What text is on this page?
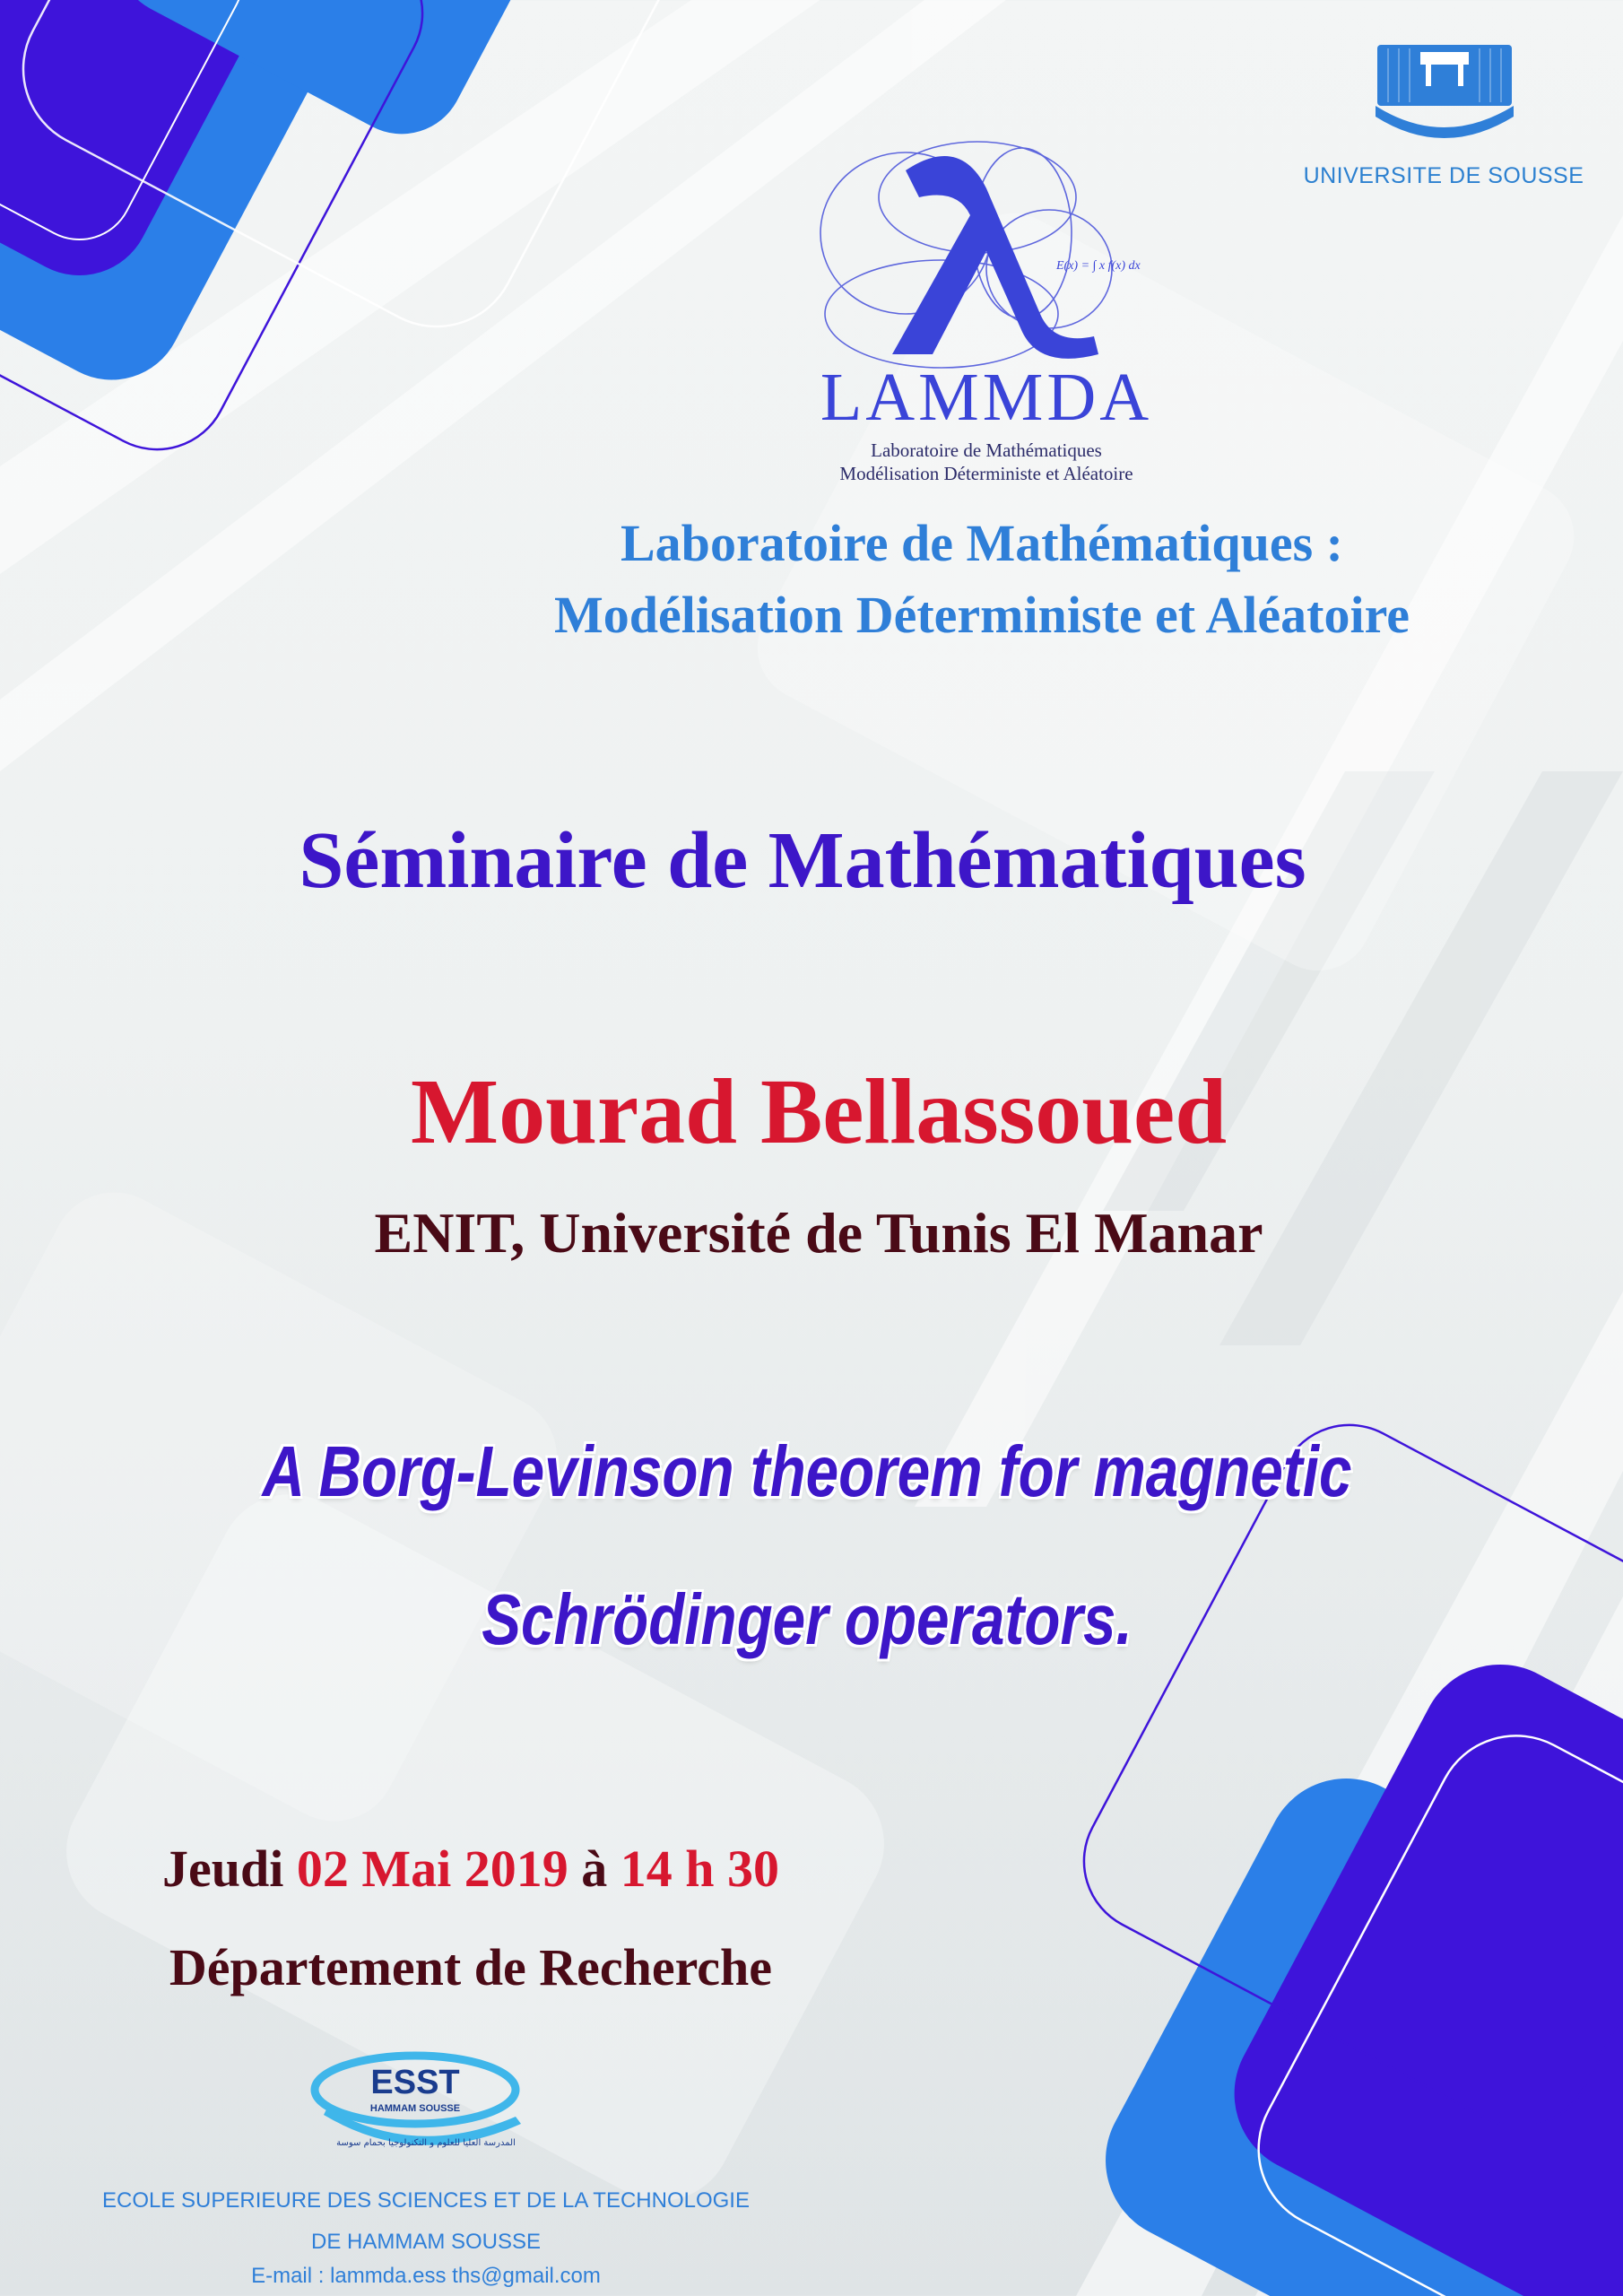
UNIVERSITE DE SOUSSE
E(x) = ∫ x f(x) dx
LAMMDA
Laboratoire de Mathématiques
Modélisation Déterministe et Aléatoire
Laboratoire de Mathématiques :
Modélisation Déterministe et Aléatoire
Séminaire de Mathématiques
Mourad Bellassoued
ENIT, Université de Tunis El Manar
A Borg-Levinson theorem for magnetic
Schrödinger operators.
Jeudi 02 Mai 2019 à 14 h 30
Département de Recherche
ESST
HAMMAM SOUSSE
المدرسة العليا للعلوم و التكنولوجيا بحمام سوسة
ECOLE SUPERIEURE DES SCIENCES ET DE LA TECHNOLOGIE
DE HAMMAM SOUSSE
E-mail : lammda.ess ths@gmail.com
